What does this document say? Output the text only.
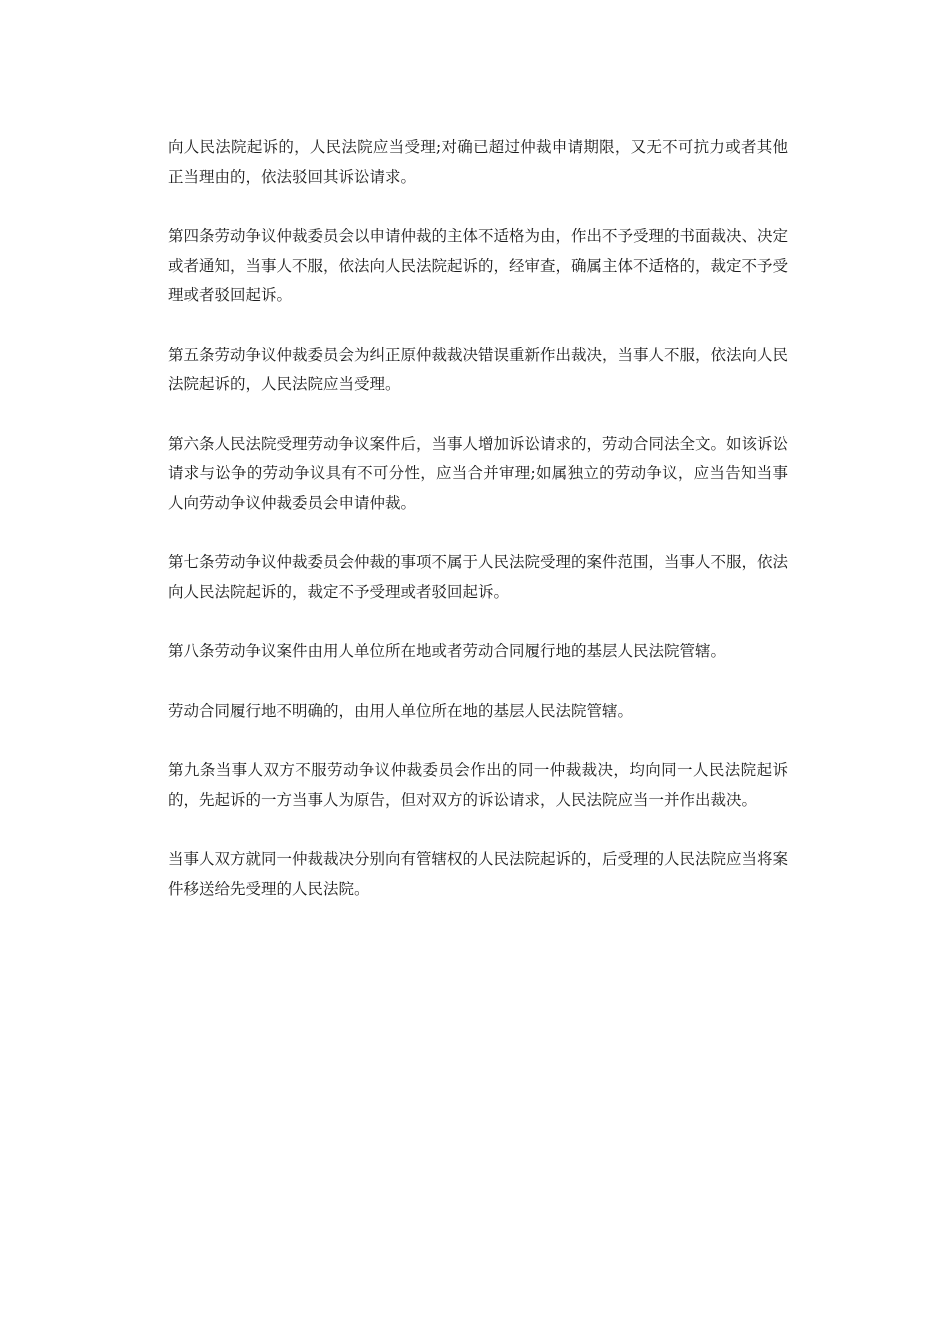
向人民法院起诉的，人民法院应当受理;对确已超过仲裁申请期限，又无不可抗力或者其他正当理由的，依法驳回其诉讼请求。

第四条劳动争议仲裁委员会以申请仲裁的主体不适格为由，作出不予受理的书面裁决、决定或者通知，当事人不服，依法向人民法院起诉的，经审查，确属主体不适格的，裁定不予受理或者驳回起诉。

第五条劳动争议仲裁委员会为纠正原仲裁裁决错误重新作出裁决，当事人不服，依法向人民法院起诉的，人民法院应当受理。

第六条人民法院受理劳动争议案件后，当事人增加诉讼请求的，劳动合同法全文。如该诉讼请求与讼争的劳动争议具有不可分性，应当合并审理;如属独立的劳动争议，应当告知当事人向劳动争议仲裁委员会申请仲裁。

第七条劳动争议仲裁委员会仲裁的事项不属于人民法院受理的案件范围，当事人不服，依法向人民法院起诉的，裁定不予受理或者驳回起诉。

第八条劳动争议案件由用人单位所在地或者劳动合同履行地的基层人民法院管辖。

劳动合同履行地不明确的，由用人单位所在地的基层人民法院管辖。

第九条当事人双方不服劳动争议仲裁委员会作出的同一仲裁裁决，均向同一人民法院起诉的，先起诉的一方当事人为原告，但对双方的诉讼请求，人民法院应当一并作出裁决。

当事人双方就同一仲裁裁决分别向有管辖权的人民法院起诉的，后受理的人民法院应当将案件移送给先受理的人民法院。
